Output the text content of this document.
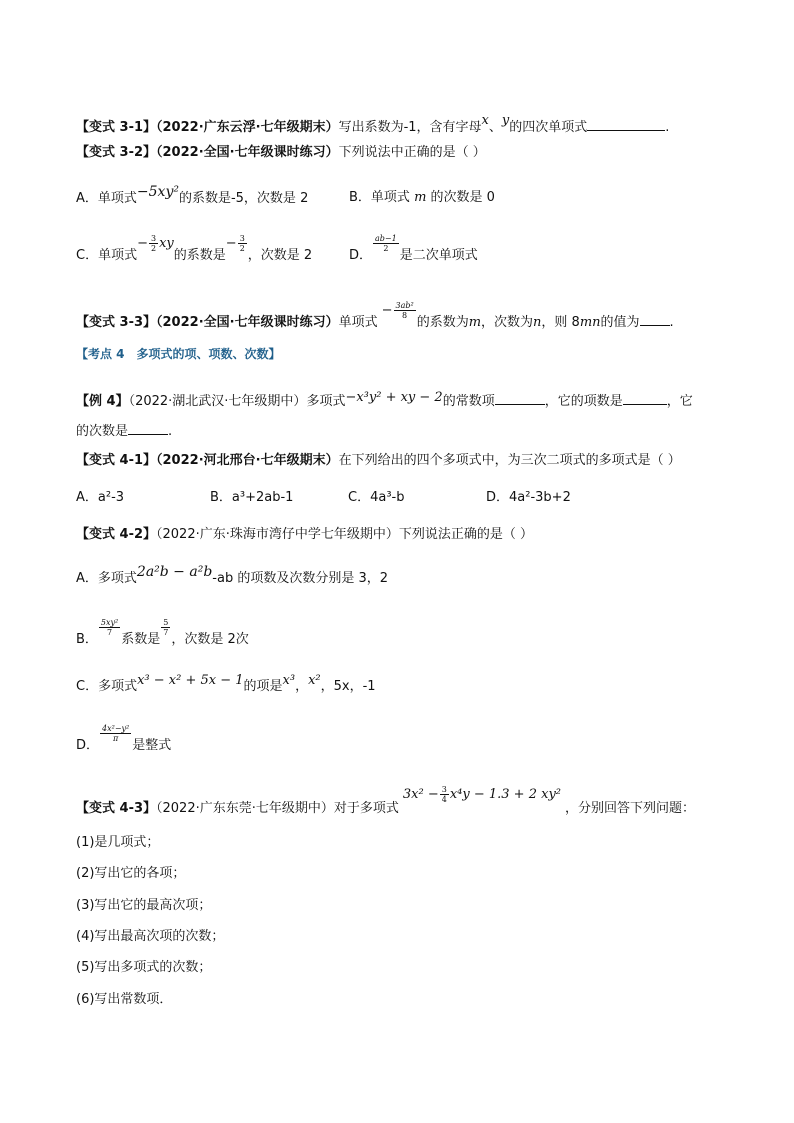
【变式 3-1】（2022·广东云浮·七年级期末）写出系数为-1，含有字母x、y的四次单项式	.
【变式 3-2】（2022·全国·七年级课时练习）下列说法中正确的是（ ）
A．单项式−5xy²的系数是-5，次数是 2	B．单项式 m 的次数是 0
C．单项式− $\frac{3}{2}$ xy的系数是− $\frac{3}{2}$
，次数是 2	D．
$\frac{ab-1}{2}$
是二次单项式
【变式 3-3】（2022·全国·七年级课时练习）单项式− $\frac{\text{3ab²}}{8}$
的系数为m，次数为n，则 8mn的值为 .
【考点 4　多项式的项、项数、次数】
【例 4】（2022·湖北武汉·七年级期中）多项式−x³y² + xy − 2的常数项	，它的项数是	，它
的次数是	.
【变式 4-1】（2022·河北邢台·七年级期末）在下列给出的四个多项式中，为三次二项式的多项式是（ ）
A．a²-3	B．a³+2ab-1	C．4a³-b	D．4a²-3b+2
【变式 4-2】（2022·广东·珠海市湾仔中学七年级期中）下列说法正确的是（ ）
A．多项式2a²b − a²b-ab 的项数及次数分别是 3，2
B．
$\frac{\text{5xy²}}{7}$
系数是
$\frac{5}{7}$
，次数是 2次
C．多项式x³ − x² + 5x − 1的项是x³，x²，5x，-1
D．
$\frac{\text{4x²−y²}}{\pi}$
是整式
【变式 4-3】（2022·广东东莞·七年级期中）对于多项式$3x^2 - \frac{3}{4} x^4y - 1.3 + 2$ xy²，分别回答下列问题：
(1)是几项式；
(2)写出它的各项；
(3)写出它的最高次项；
(4)写出最高次项的次数；
(5)写出多项式的次数；
(6)写出常数项．
